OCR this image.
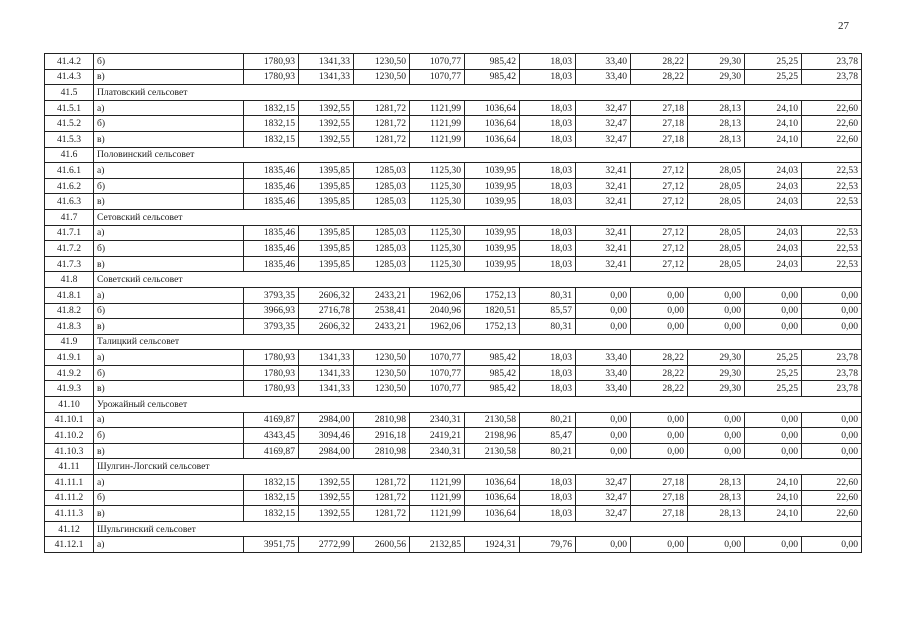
27
41.4.2	б)	1780,93	1341,33	1230,50	1070,77	985,42	18,03	33,40	28,22	29,30	25,25	23,78
41.4.3	в)	1780,93	1341,33	1230,50	1070,77	985,42	18,03	33,40	28,22	29,30	25,25	23,78
41.5	Платовский сельсовет											
41.5.1	а)	1832,15	1392,55	1281,72	1121,99	1036,64	18,03	32,47	27,18	28,13	24,10	22,60
41.5.2	б)	1832,15	1392,55	1281,72	1121,99	1036,64	18,03	32,47	27,18	28,13	24,10	22,60
41.5.3	в)	1832,15	1392,55	1281,72	1121,99	1036,64	18,03	32,47	27,18	28,13	24,10	22,60
41.6	Половинский сельсовет											
41.6.1	а)	1835,46	1395,85	1285,03	1125,30	1039,95	18,03	32,41	27,12	28,05	24,03	22,53
41.6.2	б)	1835,46	1395,85	1285,03	1125,30	1039,95	18,03	32,41	27,12	28,05	24,03	22,53
41.6.3	в)	1835,46	1395,85	1285,03	1125,30	1039,95	18,03	32,41	27,12	28,05	24,03	22,53
41.7	Сетовский сельсовет											
41.7.1	а)	1835,46	1395,85	1285,03	1125,30	1039,95	18,03	32,41	27,12	28,05	24,03	22,53
41.7.2	б)	1835,46	1395,85	1285,03	1125,30	1039,95	18,03	32,41	27,12	28,05	24,03	22,53
41.7.3	в)	1835,46	1395,85	1285,03	1125,30	1039,95	18,03	32,41	27,12	28,05	24,03	22,53
41.8	Советский сельсовет											
41.8.1	а)	3793,35	2606,32	2433,21	1962,06	1752,13	80,31	0,00	0,00	0,00	0,00	0,00
41.8.2	б)	3966,93	2716,78	2538,41	2040,96	1820,51	85,57	0,00	0,00	0,00	0,00	0,00
41.8.3	в)	3793,35	2606,32	2433,21	1962,06	1752,13	80,31	0,00	0,00	0,00	0,00	0,00
41.9	Талицкий сельсовет											
41.9.1	а)	1780,93	1341,33	1230,50	1070,77	985,42	18,03	33,40	28,22	29,30	25,25	23,78
41.9.2	б)	1780,93	1341,33	1230,50	1070,77	985,42	18,03	33,40	28,22	29,30	25,25	23,78
41.9.3	в)	1780,93	1341,33	1230,50	1070,77	985,42	18,03	33,40	28,22	29,30	25,25	23,78
41.10	Урожайный сельсовет											
41.10.1	а)	4169,87	2984,00	2810,98	2340,31	2130,58	80,21	0,00	0,00	0,00	0,00	0,00
41.10.2	б)	4343,45	3094,46	2916,18	2419,21	2198,96	85,47	0,00	0,00	0,00	0,00	0,00
41.10.3	в)	4169,87	2984,00	2810,98	2340,31	2130,58	80,21	0,00	0,00	0,00	0,00	0,00
41.11	Шулгин-Логский сельсовет											
41.11.1	а)	1832,15	1392,55	1281,72	1121,99	1036,64	18,03	32,47	27,18	28,13	24,10	22,60
41.11.2	б)	1832,15	1392,55	1281,72	1121,99	1036,64	18,03	32,47	27,18	28,13	24,10	22,60
41.11.3	в)	1832,15	1392,55	1281,72	1121,99	1036,64	18,03	32,47	27,18	28,13	24,10	22,60
41.12	Шульгинский сельсовет											
41.12.1	а)	3951,75	2772,99	2600,56	2132,85	1924,31	79,76	0,00	0,00	0,00	0,00	0,00
